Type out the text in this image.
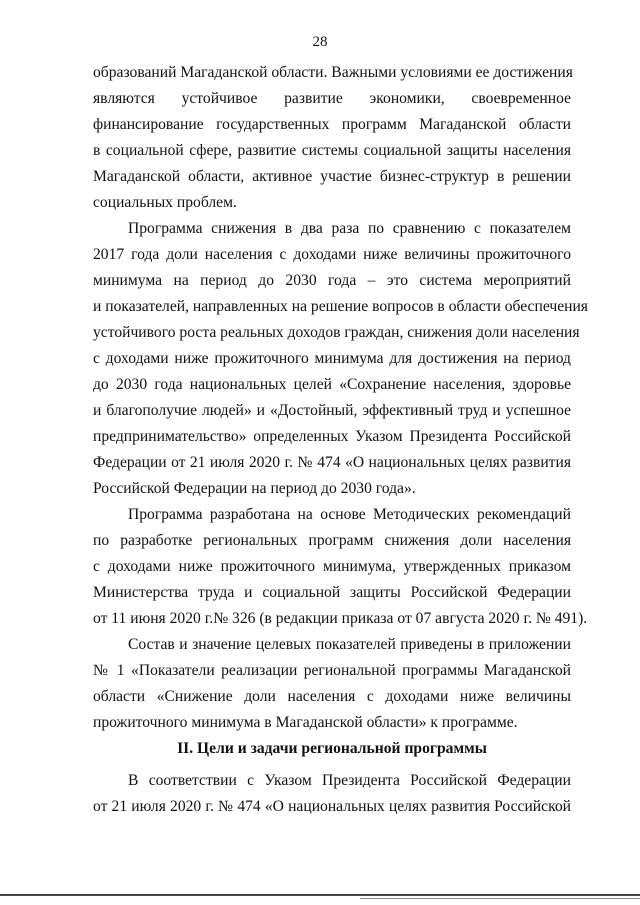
28
образований Магаданской области. Важными условиями ее достижения
являются устойчивое развитие экономики, своевременное
финансирование государственных программ Магаданской области
в социальной сфере, развитие системы социальной защиты населения
Магаданской области, активное участие бизнес-структур в решении
социальных проблем.
Программа снижения в два раза по сравнению с показателем
2017 года доли населения с доходами ниже величины прожиточного
минимума на период до 2030 года – это система мероприятий
и показателей, направленных на решение вопросов в области обеспечения
устойчивого роста реальных доходов граждан, снижения доли населения
с доходами ниже прожиточного минимума для достижения на период
до 2030 года национальных целей «Сохранение населения, здоровье
и благополучие людей» и «Достойный, эффективный труд и успешное
предпринимательство» определенных Указом Президента Российской
Федерации от 21 июля 2020 г. № 474 «О национальных целях развития
Российской Федерации на период до 2030 года».
Программа разработана на основе Методических рекомендаций
по разработке региональных программ снижения доли населения
с доходами ниже прожиточного минимума, утвержденных приказом
Министерства труда и социальной защиты Российской Федерации
от 11 июня 2020 г.№ 326 (в редакции приказа от 07 августа 2020 г. № 491).
Состав и значение целевых показателей приведены в приложении
№ 1 «Показатели реализации региональной программы Магаданской
области «Снижение доли населения с доходами ниже величины
прожиточного минимума в Магаданской области» к программе.
II. Цели и задачи региональной программы
В соответствии с Указом Президента Российской Федерации
от 21 июля 2020 г. № 474 «О национальных целях развития Российской
